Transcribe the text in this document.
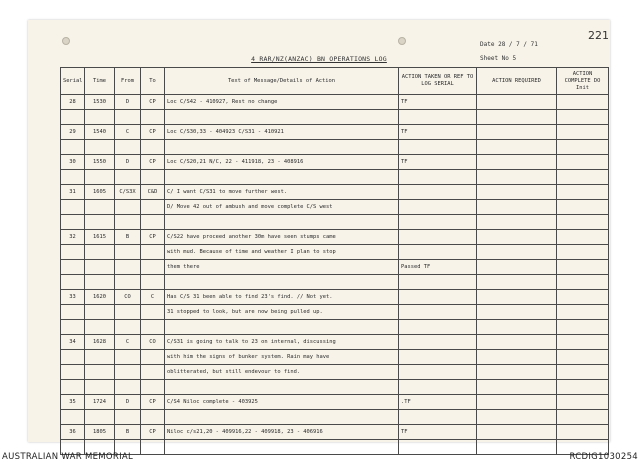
221
4 RAR/NZ(ANZAC) BN OPERATIONS LOG
Date 28 / 7 / 71
Sheet No 5
Serial	Time	From	To	Text of Message/Details of Action	ACTION TAKEN OR REF TO LOG SERIAL	ACTION REQUIRED	ACTION COMPLETE DO Init
28	1530	D	CP	Loc C/S42 - 410927, Rest no change	TF		

29	1540	C	CP	Loc C/S30,33 - 404923 C/S31 - 410921	TF		

30	1550	D	CP	Loc C/S20,21 N/C, 22 - 411918, 23 - 408916	TF		

31	1605	C/S3X	C&D	C/ I want C/S31 to move further west.			
				D/ Move 42 out of ambush and move complete C/S west			

32	1615	B	CP	C/S22 have proceed another 30m have seen stumps came			
				with mud. Because of time and weather I plan to stop			
				them there	Passed TF		

33	1620	CO	C	Has C/S 31 been able to find 23's find. // Not yet.			
				31 stopped to look, but are now being pulled up.			

34	1628	C	CO	C/S31 is going to talk to 23 on internal, discussing			
				with him the signs of bunker system. Rain may have			
				oblitterated, but still endevour to find.			

35	1724	D	CP	C/S4 Niloc complete - 403925	.TF		

36	1805	B	CP	Niloc c/s21,20 - 409916,22 - 409918, 23 - 406916	TF		

AUSTRALIAN WAR MEMORIAL	RCDIG1030254
